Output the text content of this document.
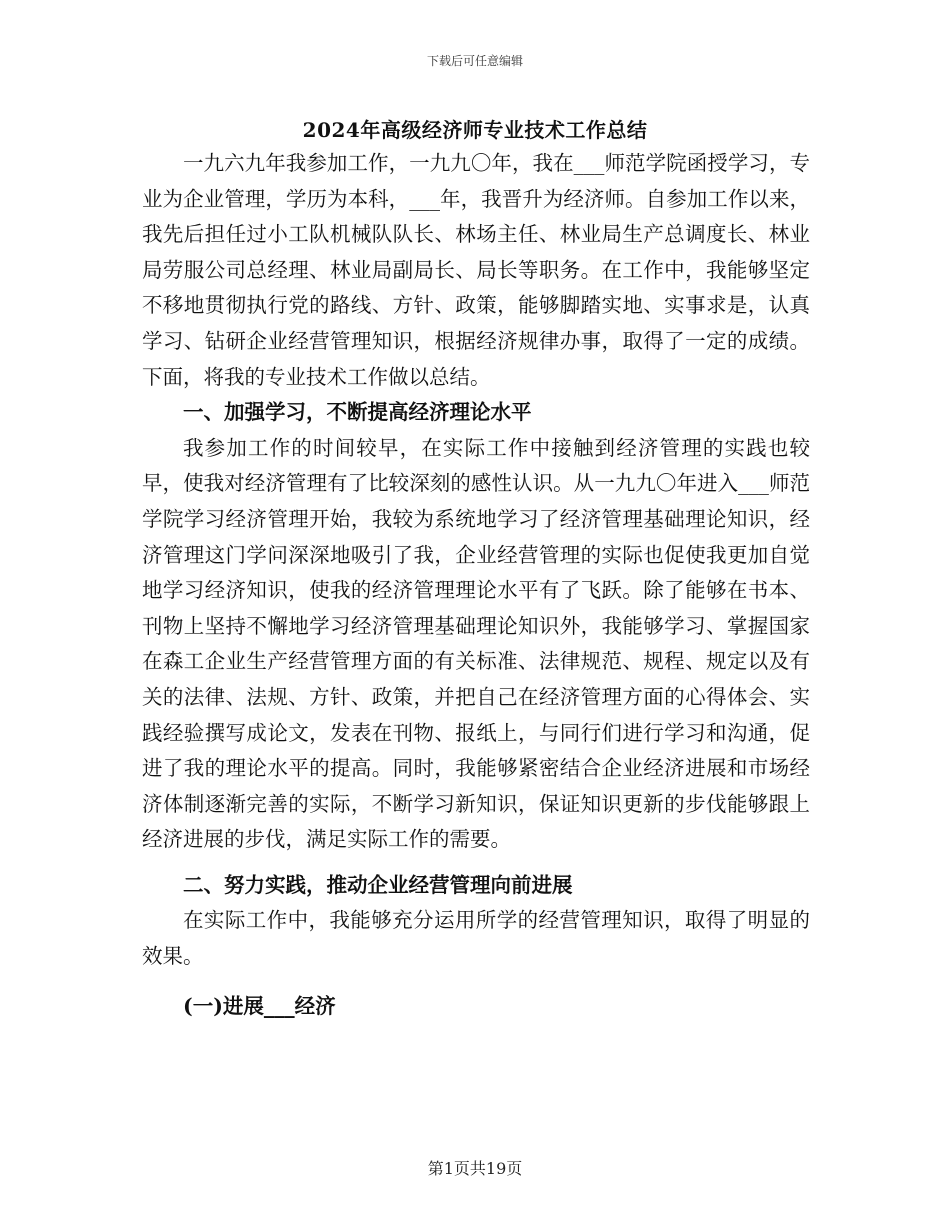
下载后可任意编辑
2024年高级经济师专业技术工作总结

一九六九年我参加工作，一九九〇年，我在___师范学院函授学习，专业为企业管理，学历为本科，___年，我晋升为经济师。自参加工作以来，我先后担任过小工队机械队队长、林场主任、林业局生产总调度长、林业局劳服公司总经理、林业局副局长、局长等职务。在工作中，我能够坚定不移地贯彻执行党的路线、方针、政策，能够脚踏实地、实事求是，认真学习、钻研企业经营管理知识，根据经济规律办事，取得了一定的成绩。下面，将我的专业技术工作做以总结。

一、加强学习，不断提高经济理论水平

我参加工作的时间较早，在实际工作中接触到经济管理的实践也较早，使我对经济管理有了比较深刻的感性认识。从一九九〇年进入___师范学院学习经济管理开始，我较为系统地学习了经济管理基础理论知识，经济管理这门学问深深地吸引了我，企业经营管理的实际也促使我更加自觉地学习经济知识，使我的经济管理理论水平有了飞跃。除了能够在书本、刊物上坚持不懈地学习经济管理基础理论知识外，我能够学习、掌握国家在森工企业生产经营管理方面的有关标准、法律规范、规程、规定以及有关的法律、法规、方针、政策，并把自己在经济管理方面的心得体会、实践经验撰写成论文，发表在刊物、报纸上，与同行们进行学习和沟通，促进了我的理论水平的提高。同时，我能够紧密结合企业经济进展和市场经济体制逐渐完善的实际，不断学习新知识，保证知识更新的步伐能够跟上经济进展的步伐，满足实际工作的需要。

二、努力实践，推动企业经营管理向前进展

在实际工作中，我能够充分运用所学的经营管理知识，取得了明显的效果。

(一)进展___经济

第1页共19页
